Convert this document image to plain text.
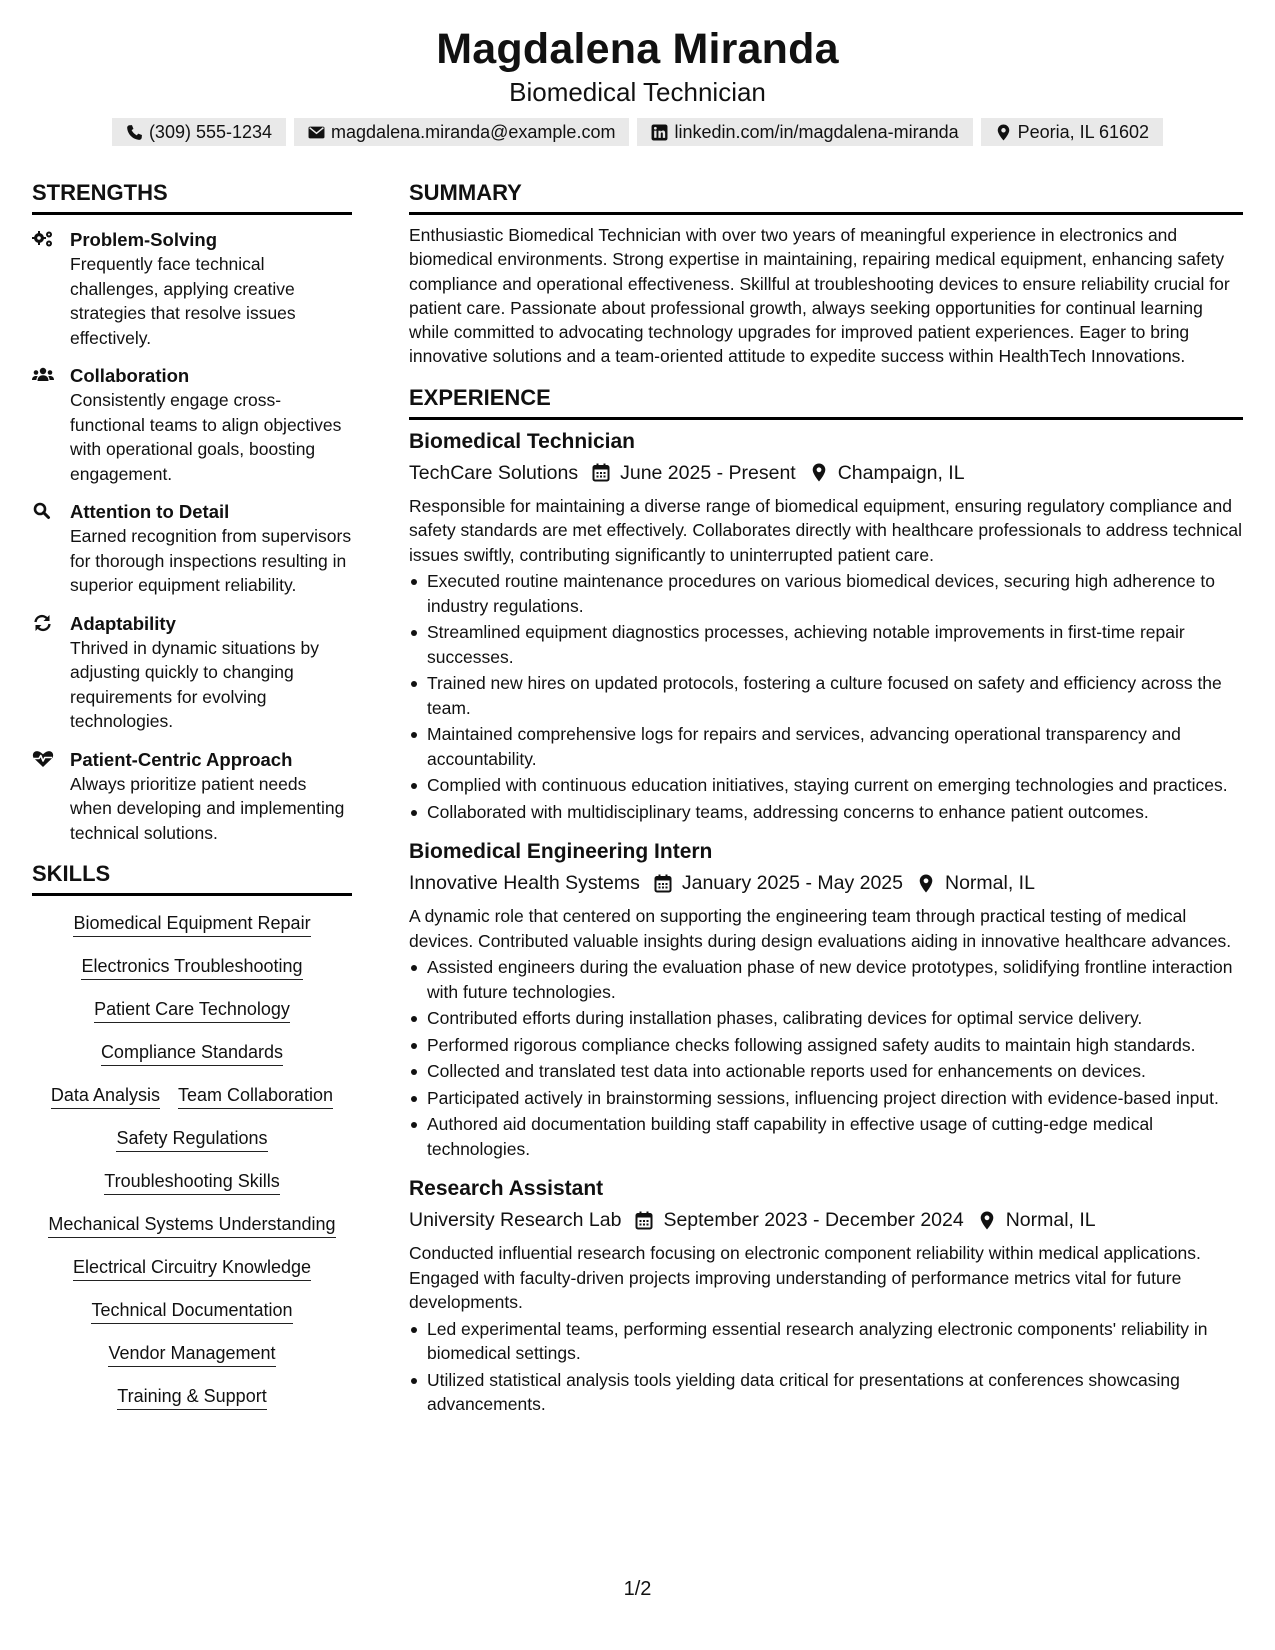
Magdalena Miranda
Biomedical Technician
(309) 555-1234	magdalena.miranda@example.com	linkedin.com/in/magdalena-miranda	Peoria, IL 61602
STRENGTHS
Problem-Solving
Frequently face technical challenges, applying creative strategies that resolve issues effectively.
Collaboration
Consistently engage cross-functional teams to align objectives with operational goals, boosting engagement.
Attention to Detail
Earned recognition from supervisors for thorough inspections resulting in superior equipment reliability.
Adaptability
Thrived in dynamic situations by adjusting quickly to changing requirements for evolving technologies.
Patient-Centric Approach
Always prioritize patient needs when developing and implementing technical solutions.
SKILLS
Biomedical Equipment Repair
Electronics Troubleshooting
Patient Care Technology
Compliance Standards
Data Analysis Team Collaboration
Safety Regulations
Troubleshooting Skills
Mechanical Systems Understanding
Electrical Circuitry Knowledge
Technical Documentation
Vendor Management
Training & Support
SUMMARY
Enthusiastic Biomedical Technician with over two years of meaningful experience in electronics and biomedical environments. Strong expertise in maintaining, repairing medical equipment, enhancing safety compliance and operational effectiveness. Skillful at troubleshooting devices to ensure reliability crucial for patient care. Passionate about professional growth, always seeking opportunities for continual learning while committed to advocating technology upgrades for improved patient experiences. Eager to bring innovative solutions and a team-oriented attitude to expedite success within HealthTech Innovations.
EXPERIENCE
Biomedical Technician
TechCare Solutions June 2025 - Present Champaign, IL
Responsible for maintaining a diverse range of biomedical equipment, ensuring regulatory compliance and safety standards are met effectively. Collaborates directly with healthcare professionals to address technical issues swiftly, contributing significantly to uninterrupted patient care.
Executed routine maintenance procedures on various biomedical devices, securing high adherence to industry regulations.
Streamlined equipment diagnostics processes, achieving notable improvements in first-time repair successes.
Trained new hires on updated protocols, fostering a culture focused on safety and efficiency across the team.
Maintained comprehensive logs for repairs and services, advancing operational transparency and accountability.
Complied with continuous education initiatives, staying current on emerging technologies and practices.
Collaborated with multidisciplinary teams, addressing concerns to enhance patient outcomes.
Biomedical Engineering Intern
Innovative Health Systems January 2025 - May 2025 Normal, IL
A dynamic role that centered on supporting the engineering team through practical testing of medical devices. Contributed valuable insights during design evaluations aiding in innovative healthcare advances.
Assisted engineers during the evaluation phase of new device prototypes, solidifying frontline interaction with future technologies.
Contributed efforts during installation phases, calibrating devices for optimal service delivery.
Performed rigorous compliance checks following assigned safety audits to maintain high standards.
Collected and translated test data into actionable reports used for enhancements on devices.
Participated actively in brainstorming sessions, influencing project direction with evidence-based input.
Authored aid documentation building staff capability in effective usage of cutting-edge medical technologies.
Research Assistant
University Research Lab September 2023 - December 2024 Normal, IL
Conducted influential research focusing on electronic component reliability within medical applications. Engaged with faculty-driven projects improving understanding of performance metrics vital for future developments.
Led experimental teams, performing essential research analyzing electronic components' reliability in biomedical settings.
Utilized statistical analysis tools yielding data critical for presentations at conferences showcasing advancements.
1/2
